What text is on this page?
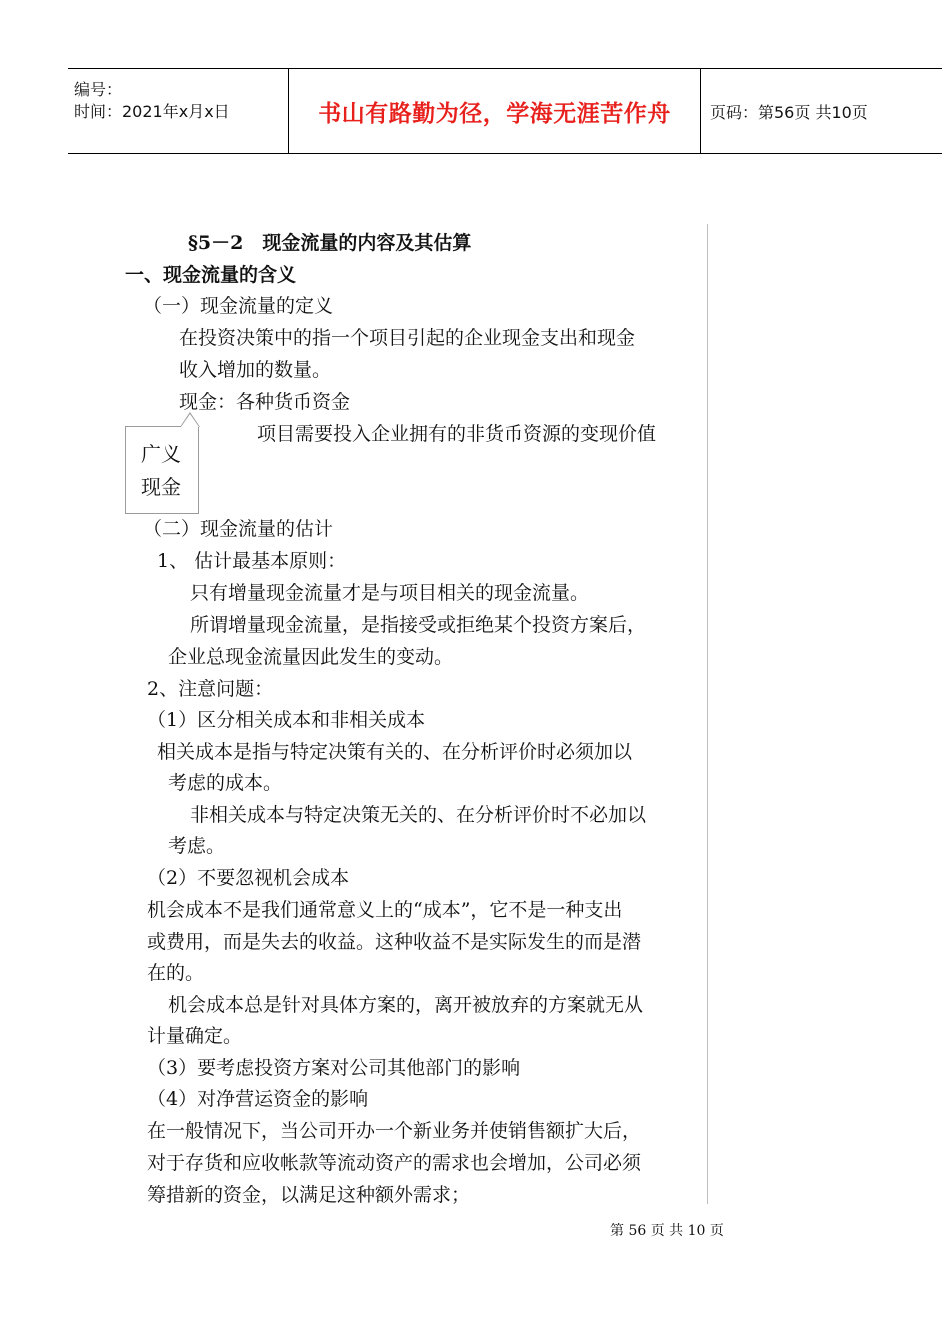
编号：
时间：2021年x月x日	书山有路勤为径，学海无涯苦作舟	页码：第56页 共10页
§5－2　现金流量的内容及其估算
一、现金流量的含义
（一）现金流量的定义
在投资决策中的指一个项目引起的企业现金支出和现金
收入增加的数量。
现金：各种货币资金
项目需要投入企业拥有的非货币资源的变现价值
广义
现金
（二）现金流量的估计
1、 估计最基本原则：
只有增量现金流量才是与项目相关的现金流量。
所谓增量现金流量，是指接受或拒绝某个投资方案后，
企业总现金流量因此发生的变动。
2、注意问题：
（1）区分相关成本和非相关成本
相关成本是指与特定决策有关的、在分析评价时必须加以
考虑的成本。
非相关成本与特定决策无关的、在分析评价时不必加以
考虑。
（2）不要忽视机会成本
机会成本不是我们通常意义上的“成本”，它不是一种支出
或费用，而是失去的收益。这种收益不是实际发生的而是潜
在的。
机会成本总是针对具体方案的，离开被放弃的方案就无从
计量确定。
（3）要考虑投资方案对公司其他部门的影响
（4）对净营运资金的影响
在一般情况下，当公司开办一个新业务并使销售额扩大后，
对于存货和应收帐款等流动资产的需求也会增加，公司必须
筹措新的资金，以满足这种额外需求；
第 56 页 共 10 页
